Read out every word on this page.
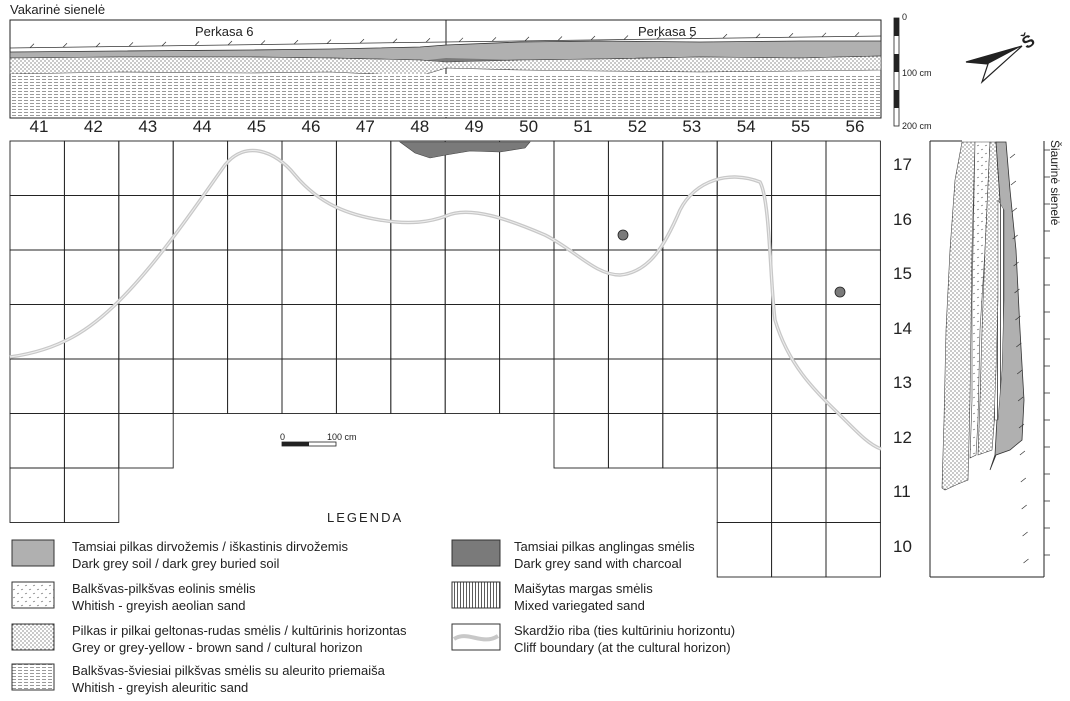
Š
Vakarinė sienelė
Perkasa 6	Perkasa 5
0
100 cm
200 cm
Šiaurinė sienelė
41	42	43	44	45	46	47	48	49	50	51	52	53	54	55	56
17
16
15
14
13
12
11
10
0	100 cm
LEGENDA
Tamsiai pilkas dirvožemis / iškastinis dirvožemis
Dark grey soil / dark grey buried soil
Balkšvas-pilkšvas eolinis smėlis
Whitish - greyish aeolian sand
Pilkas ir pilkai geltonas-rudas smėlis / kultūrinis horizontas
Grey or grey-yellow - brown sand / cultural horizon
Balkšvas-šviesiai pilkšvas smėlis su aleurito priemaiša
Whitish - greyish aleuritic sand
Tamsiai pilkas anglingas smėlis
Dark grey sand with charcoal
Maišytas margas smėlis
Mixed variegated sand
Skardžio riba (ties kultūriniu horizontu)
Cliff boundary (at the cultural horizon)
